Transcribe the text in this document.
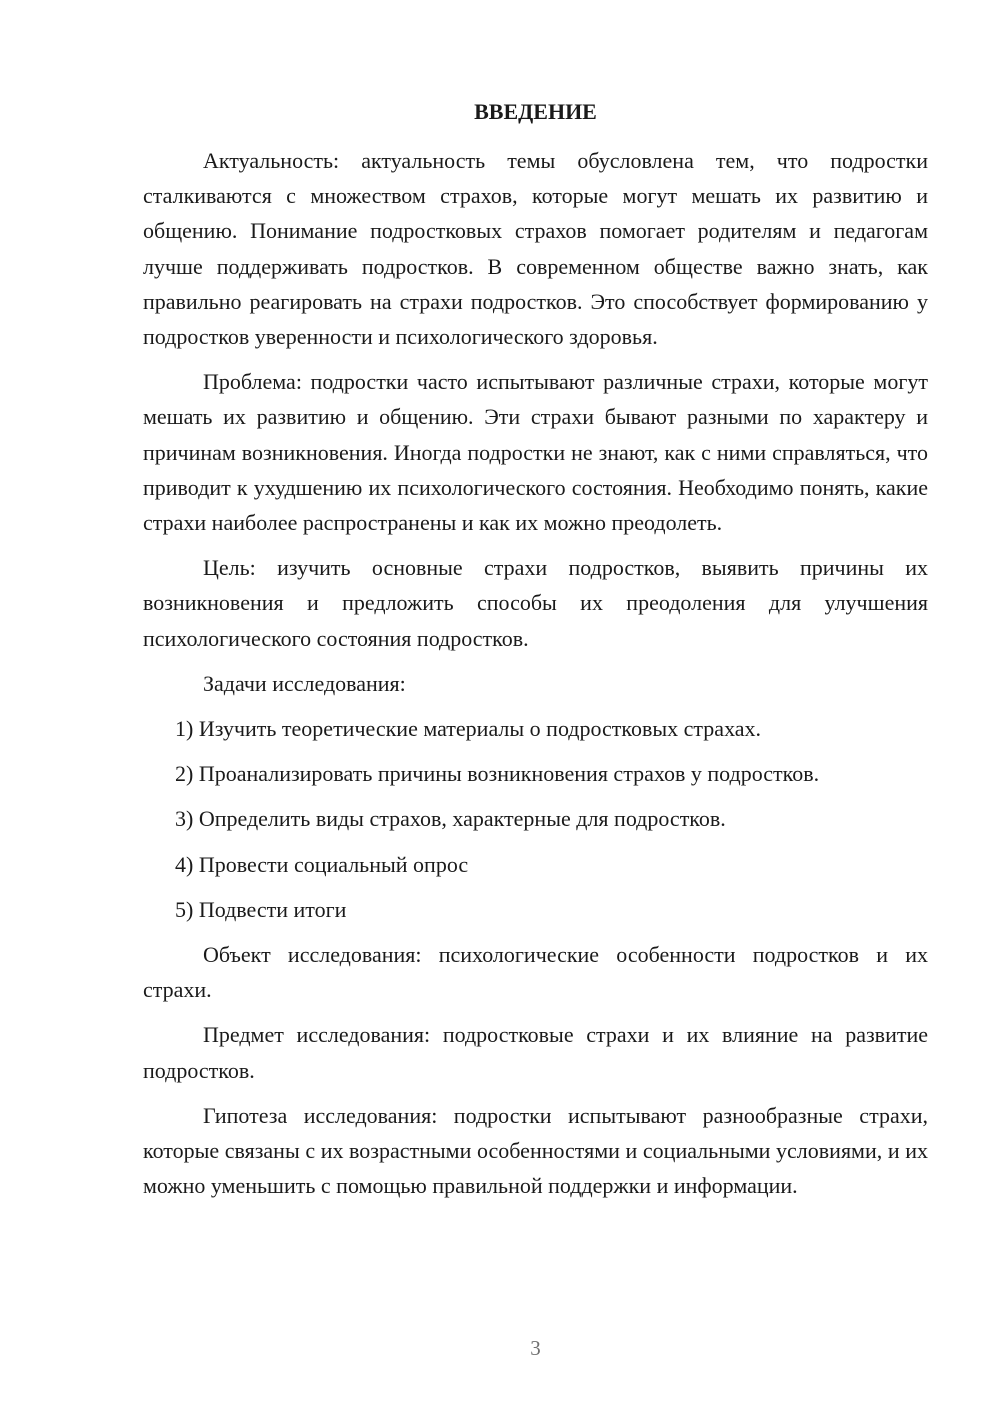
ВВЕДЕНИЕ

Актуальность: актуальность темы обусловлена тем, что подростки сталкиваются с множеством страхов, которые могут мешать их развитию и общению. Понимание подростковых страхов помогает родителям и педагогам лучше поддерживать подростков. В современном обществе важно знать, как правильно реагировать на страхи подростков. Это способствует формированию у подростков уверенности и психологического здоровья.

Проблема: подростки часто испытывают различные страхи, которые могут мешать их развитию и общению. Эти страхи бывают разными по характеру и причинам возникновения. Иногда подростки не знают, как с ними справляться, что приводит к ухудшению их психологического состояния. Необходимо понять, какие страхи наиболее распространены и как их можно преодолеть.

Цель: изучить основные страхи подростков, выявить причины их возникновения и предложить способы их преодоления для улучшения психологического состояния подростков.

Задачи исследования:

1) Изучить теоретические материалы о подростковых страхах.

2) Проанализировать причины возникновения страхов у подростков.

3) Определить виды страхов, характерные для подростков.

4) Провести социальный опрос

5) Подвести итоги

Объект исследования: психологические особенности подростков и их страхи.

Предмет исследования: подростковые страхи и их влияние на развитие подростков.

Гипотеза исследования: подростки испытывают разнообразные страхи, которые связаны с их возрастными особенностями и социальными условиями, и их можно уменьшить с помощью правильной поддержки и информации.

3
